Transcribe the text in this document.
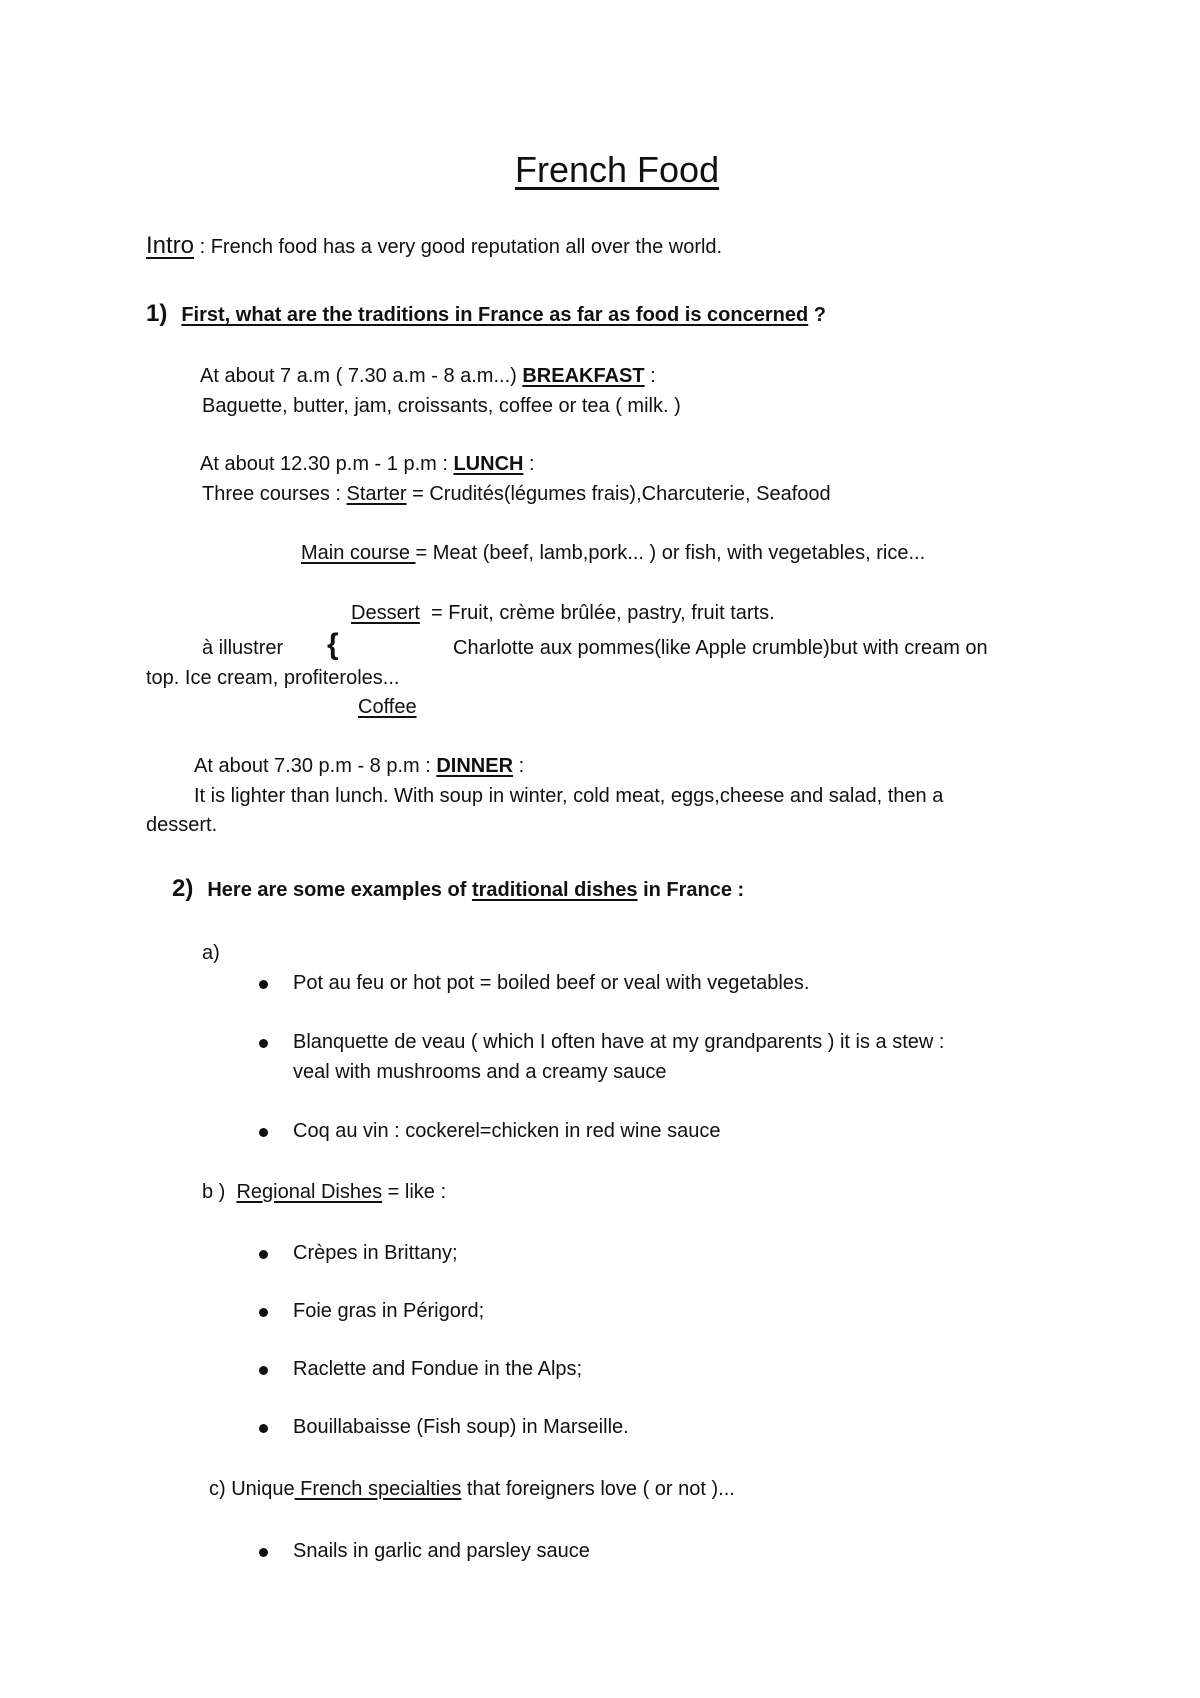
French Food
Intro : French food has a very good reputation all over the world.
1) First, what are the traditions in France as far as food is concerned ?
At about 7 a.m ( 7.30 a.m - 8 a.m...) BREAKFAST :
Baguette, butter, jam, croissants, coffee or tea ( milk. )
At about 12.30 p.m - 1 p.m : LUNCH :
Three courses : Starter = Crudités(légumes frais),Charcuterie, Seafood
Main course = Meat (beef, lamb,pork... ) or fish, with vegetables, rice...
Dessert  = Fruit, crème brûlée, pastry, fruit tarts.
à illustrer {	Charlotte aux pommes(like Apple crumble)but with cream on
top. Ice cream, profiteroles...
Coffee
At about 7.30 p.m - 8 p.m : DINNER :
It is lighter than lunch. With soup in winter, cold meat, eggs,cheese and salad, then a
dessert.
2) Here are some examples of traditional dishes in France :
a)
Pot au feu or hot pot = boiled beef or veal with vegetables.
Blanquette de veau ( which I often have at my grandparents ) it is a stew :
veal with mushrooms and a creamy sauce
Coq au vin : cockerel=chicken in red wine sauce
b )  Regional Dishes = like :
Crèpes in Brittany;
Foie gras in Périgord;
Raclette and Fondue in the Alps;
Bouillabaisse (Fish soup) in Marseille.
c) Unique French specialties that foreigners love ( or not )...
Snails in garlic and parsley sauce
